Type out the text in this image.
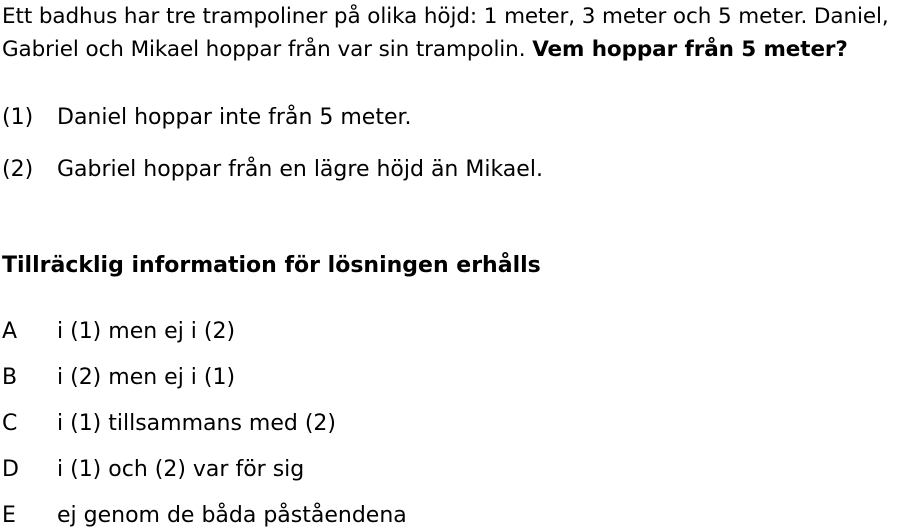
Ett badhus har tre trampoliner på olika höjd: 1 meter, 3 meter och 5 meter. Daniel, Gabriel och Mikael hoppar från var sin trampolin. Vem hoppar från 5 meter?

(1) Daniel hoppar inte från 5 meter.
(2) Gabriel hoppar från en lägre höjd än Mikael.
Tillräcklig information för lösningen erhålls
A i (1) men ej i (2)
B i (2) men ej i (1)
C i (1) tillsammans med (2)
D i (1) och (2) var för sig
E ej genom de båda påståendena
